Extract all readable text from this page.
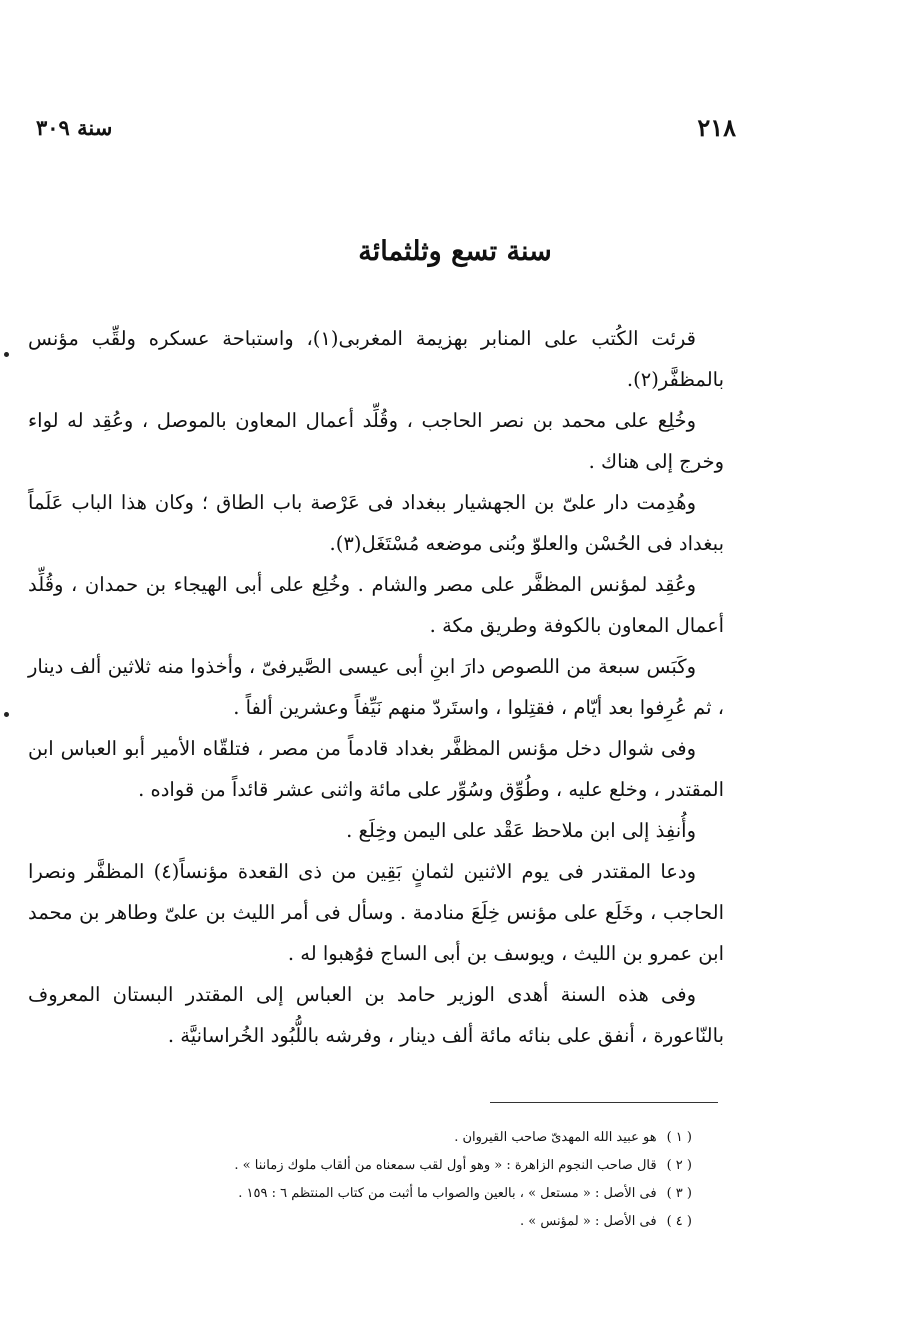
٢١٨
سنة ٣٠٩
سنة تسع وثلثمائة

قرئت الكُتب على المنابر بهزيمة المغربى(١)، واستباحة عسكره ولقِّب مؤنس بالمظفَّر(٢).

وخُلِع على محمد بن نصر الحاجب ، وقُلِّد أعمال المعاون بالموصل ، وعُقِد له لواء وخرج إلى هناك .

وهُدِمت دار علىّ بن الجهشيار ببغداد فى عَرْصة باب الطاق ؛ وكان هذا الباب عَلَماً ببغداد فى الحُسْن والعلوّ وبُنى موضعه مُسْتَغَل(٣).

وعُقِد لمؤنس المظفَّر على مصر والشام . وخُلِع على أبى الهيجاء بن حمدان ، وقُلِّد أعمال المعاون بالكوفة وطريق مكة .

وكَبَس سبعة من اللصوص دارَ ابنِ أبى عيسى الصَّيرفىّ ، وأخذوا منه ثلاثين ألف دينار ، ثم عُرِفوا بعد أيّام ، فقتِلوا ، واستَردّ منهم نَيِّفاً وعشرين ألفاً .

وفى شوال دخل مؤنس المظفَّر بغداد قادماً من مصر ، فتلقّاه الأمير أبو العباس ابن المقتدر ، وخلع عليه ، وطُوِّق وسُوِّر على مائة واثنى عشر قائداً من قواده .

وأُنفِذ إلى ابن ملاحظ عَقْد على اليمن وخِلَع .

ودعا المقتدر فى يوم الاثنين لثمانٍ بَقِين من ذى القعدة مؤنساً(٤) المظفَّر ونصرا الحاجب ، وخَلَع على مؤنس خِلَعَ منادمة . وسأل فى أمر الليث بن علىّ وطاهر بن محمد ابن عمرو بن الليث ، ويوسف بن أبى الساج فوُهبوا له .

وفى هذه السنة أهدى الوزير حامد بن العباس إلى المقتدر البستان المعروف بالنّاعورة ، أنفق على بنائه مائة ألف دينار ، وفرشه باللُّبُود الخُراسانيَّة .

( ١ )هو عبيد الله المهدىّ صاحب القيروان .

( ٢ )قال صاحب النجوم الزاهرة : « وهو أول لقب سمعناه من ألقاب ملوك زماننا » .

( ٣ )فى الأصل : « مستعل » ، بالعين والصواب ما أثبت من كتاب المنتظم ٦ : ١٥٩ .

( ٤ )فى الأصل : « لمؤنس » .
